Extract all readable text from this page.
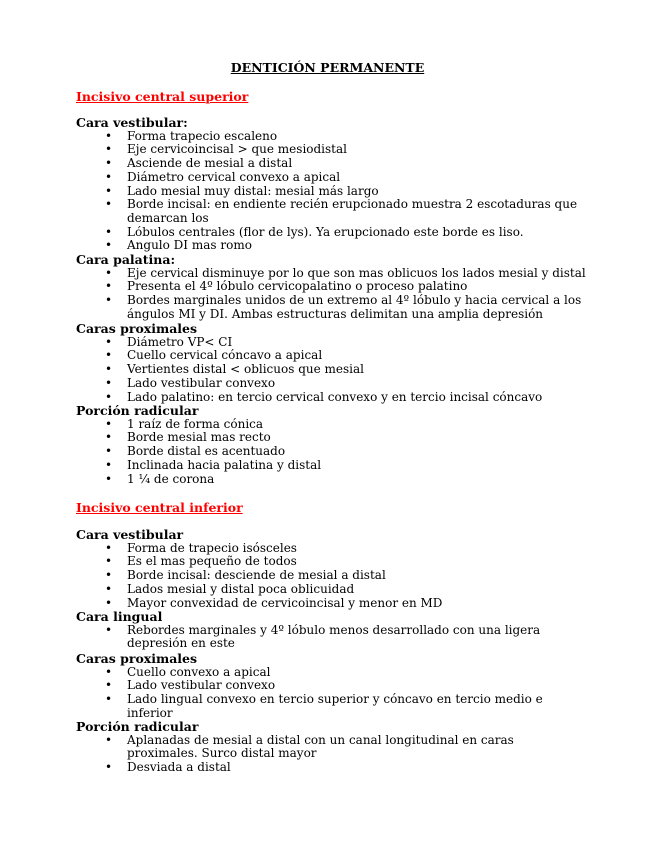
DENTICIÓN PERMANENTE
Incisivo central superior
Cara vestibular:
• Forma trapecio escaleno
• Eje cervicoincisal > que mesiodistal
• Asciende de mesial a distal
• Diámetro cervical convexo a apical
• Lado mesial muy distal: mesial más largo
• Borde incisal: en endiente recién erupcionado muestra 2 escotaduras que demarcan los
• Lóbulos centrales (flor de lys). Ya erupcionado este borde es liso.
• Angulo DI mas romo
Cara palatina:
• Eje cervical disminuye por lo que son mas oblicuos los lados mesial y distal
• Presenta el 4º lóbulo cervicopalatino o proceso palatino
• Bordes marginales unidos de un extremo al 4º lóbulo y hacia cervical a los ángulos MI y DI. Ambas estructuras delimitan una amplia depresión
Caras proximales
• Diámetro VP< CI
• Cuello cervical cóncavo a apical
• Vertientes distal < oblicuos que mesial
• Lado vestibular convexo
• Lado palatino: en tercio cervical convexo y en tercio incisal cóncavo
Porción radicular
• 1 raíz de forma cónica
• Borde mesial mas recto
• Borde distal es acentuado
• Inclinada hacia palatina y distal
• 1 ¼ de corona
Incisivo central inferior
Cara vestibular
• Forma de trapecio isósceles
• Es el mas pequeño de todos
• Borde incisal: desciende de mesial a distal
• Lados mesial y distal poca oblicuidad
• Mayor convexidad de cervicoincisal y menor en MD
Cara lingual
• Rebordes marginales y 4º lóbulo menos desarrollado con una ligera depresión en este
Caras proximales
• Cuello convexo a apical
• Lado vestibular convexo
• Lado lingual convexo en tercio superior y cóncavo en tercio medio e inferior
Porción radicular
• Aplanadas de mesial a distal con un canal longitudinal en caras proximales. Surco distal mayor
• Desviada a distal
